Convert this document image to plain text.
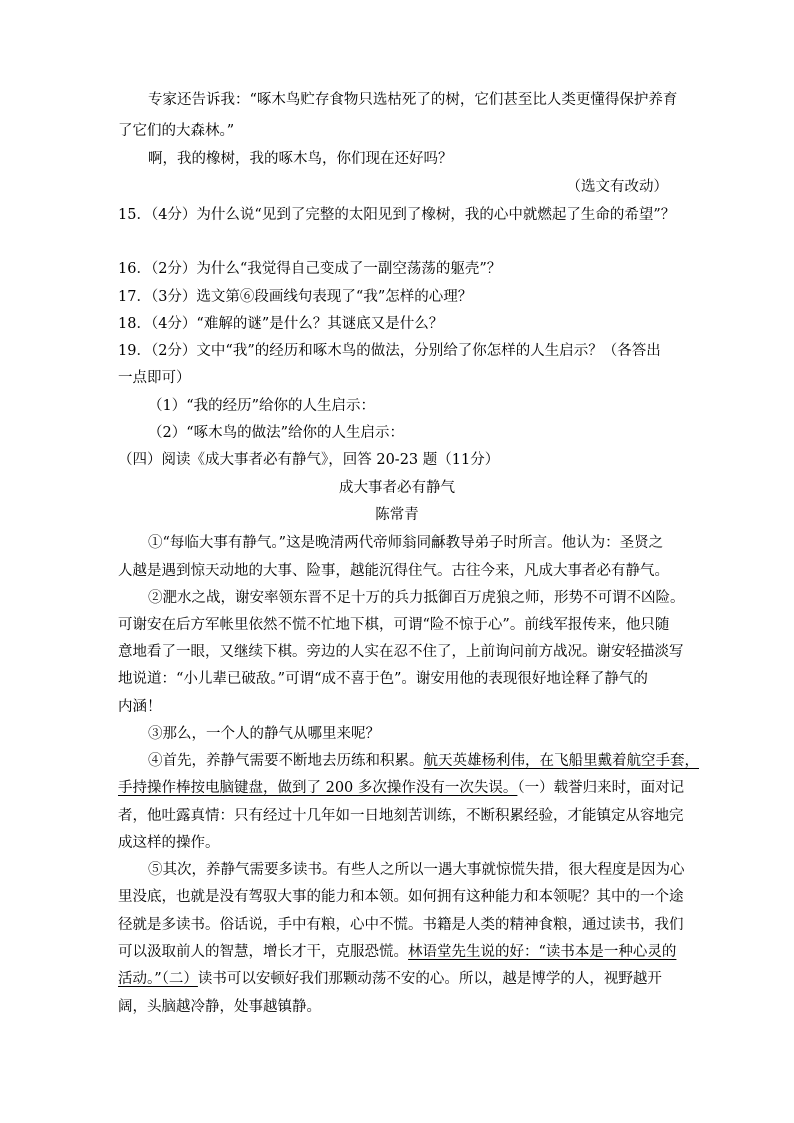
专家还告诉我：“啄木鸟贮存食物只选枯死了的树，它们甚至比人类更懂得保护养育
了它们的大森林。”
啊，我的橡树，我的啄木鸟，你们现在还好吗？
（选文有改动）
15．（4分）为什么说“见到了完整的太阳见到了橡树，我的心中就燃起了生命的希望”？
16．（2分）为什么“我觉得自己变成了一副空荡荡的躯壳”？
17．（3分）选文第⑥段画线句表现了“我”怎样的心理？
18．（4分）“难解的谜”是什么？其谜底又是什么？
19．（2分）文中“我”的经历和啄木鸟的做法，分别给了你怎样的人生启示？（各答出
一点即可）
（1）“我的经历”给你的人生启示：
（2）“啄木鸟的做法”给你的人生启示：
（四）阅读《成大事者必有静气》，回答 20-23 题（11分）
成大事者必有静气
陈常青
①“每临大事有静气。”这是晚清两代帝师翁同龢教导弟子时所言。他认为：圣贤之
人越是遇到惊天动地的大事、险事，越能沉得住气。古往今来，凡成大事者必有静气。
②淝水之战，谢安率领东晋不足十万的兵力抵御百万虎狼之师，形势不可谓不凶险。
可谢安在后方军帐里依然不慌不忙地下棋，可谓“险不惊于心”。前线军报传来，他只随
意地看了一眼，又继续下棋。旁边的人实在忍不住了，上前询问前方战况。谢安轻描淡写
地说道：“小儿辈已破敌。”可谓“成不喜于色”。谢安用他的表现很好地诠释了静气的
内涵！
③那么，一个人的静气从哪里来呢？
④首先，养静气需要不断地去历练和积累。航天英雄杨利伟，在飞船里戴着航空手套，
手持操作棒按电脑键盘，做到了 200 多次操作没有一次失误。（一）载誉归来时，面对记
者，他吐露真情：只有经过十几年如一日地刻苦训练，不断积累经验，才能镇定从容地完
成这样的操作。
⑤其次，养静气需要多读书。有些人之所以一遇大事就惊慌失措，很大程度是因为心
里没底，也就是没有驾驭大事的能力和本领。如何拥有这种能力和本领呢？其中的一个途
径就是多读书。俗话说，手中有粮，心中不慌。书籍是人类的精神食粮，通过读书，我们
可以汲取前人的智慧，增长才干，克服恐慌。林语堂先生说的好：“读书本是一种心灵的
活动。”（二）读书可以安顿好我们那颗动荡不安的心。所以，越是博学的人，视野越开
阔，头脑越冷静，处事越镇静。
